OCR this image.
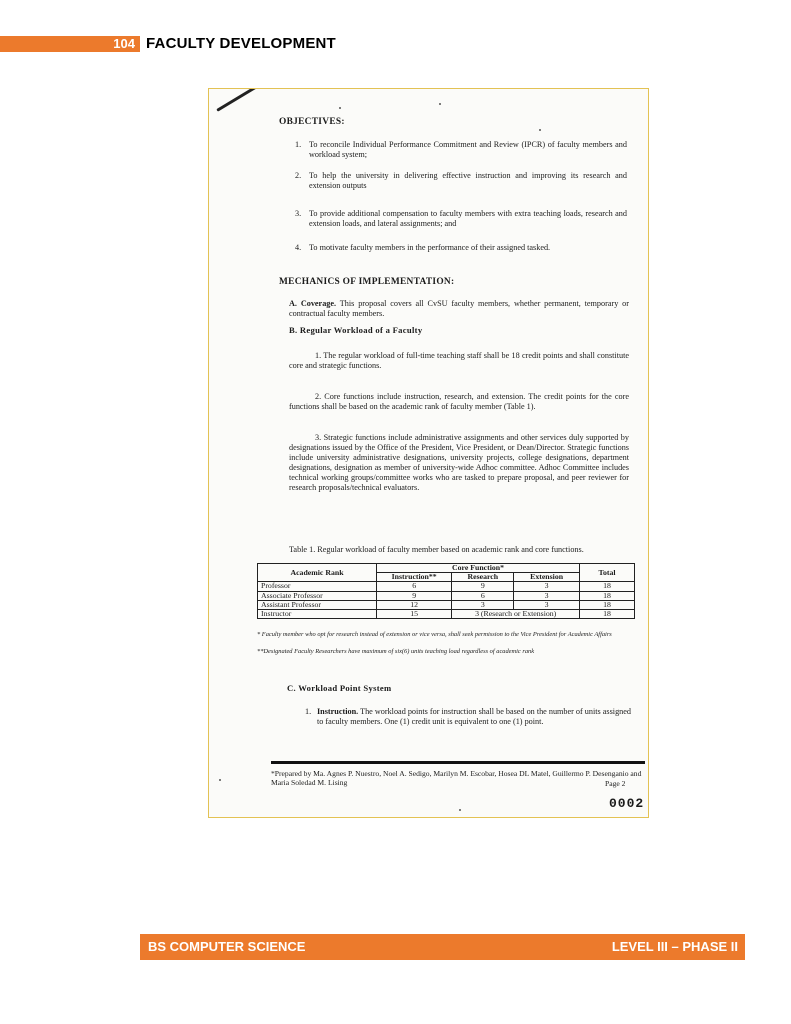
104 FACULTY DEVELOPMENT
OBJECTIVES:
1. To reconcile Individual Performance Commitment and Review (IPCR) of faculty members and workload system;
2. To help the university in delivering effective instruction and improving its research and extension outputs
3. To provide additional compensation to faculty members with extra teaching loads, research and extension loads, and lateral assignments; and
4. To motivate faculty members in the performance of their assigned tasked.
MECHANICS OF IMPLEMENTATION:
A. Coverage. This proposal covers all CvSU faculty members, whether permanent, temporary or contractual faculty members.
B. Regular Workload of a Faculty
1. The regular workload of full-time teaching staff shall be 18 credit points and shall constitute core and strategic functions.
2. Core functions include instruction, research, and extension. The credit points for the core functions shall be based on the academic rank of faculty member (Table 1).
3. Strategic functions include administrative assignments and other services duly supported by designations issued by the Office of the President, Vice President, or Dean/Director. Strategic functions include university administrative designations, university projects, college designations, department designations, designation as member of university-wide Adhoc committee. Adhoc Committee includes technical working groups/committee works who are tasked to prepare proposal, and peer reviewer for research proposals/technical evaluators.
Table 1. Regular workload of faculty member based on academic rank and core functions.
Academic Rank	Core Function*			Total
	Instruction**	Research	Extension	
Professor	6	9	3	18
Associate Professor	9	6	3	18
Assistant Professor	12	3	3	18
Instructor	15	3 (Research or Extension)		18
* Faculty member who opt for research instead of extension or vice versa, shall seek permission to the Vice President for Academic Affairs
**Designated Faculty Researchers have maximum of six(6) units teaching load regardless of academic rank
C. Workload Point System
1. Instruction. The workload points for instruction shall be based on the number of units assigned to faculty members. One (1) credit unit is equivalent to one (1) point.
*Prepared by Ma. Agnes P. Nuestro, Noel A. Sedigo, Marilyn M. Escobar, Hosea DL Matel, Guillermo P. Desenganio and Maria Soledad M. Lising	Page 2
0002
BS COMPUTER SCIENCE	LEVEL III – PHASE II
